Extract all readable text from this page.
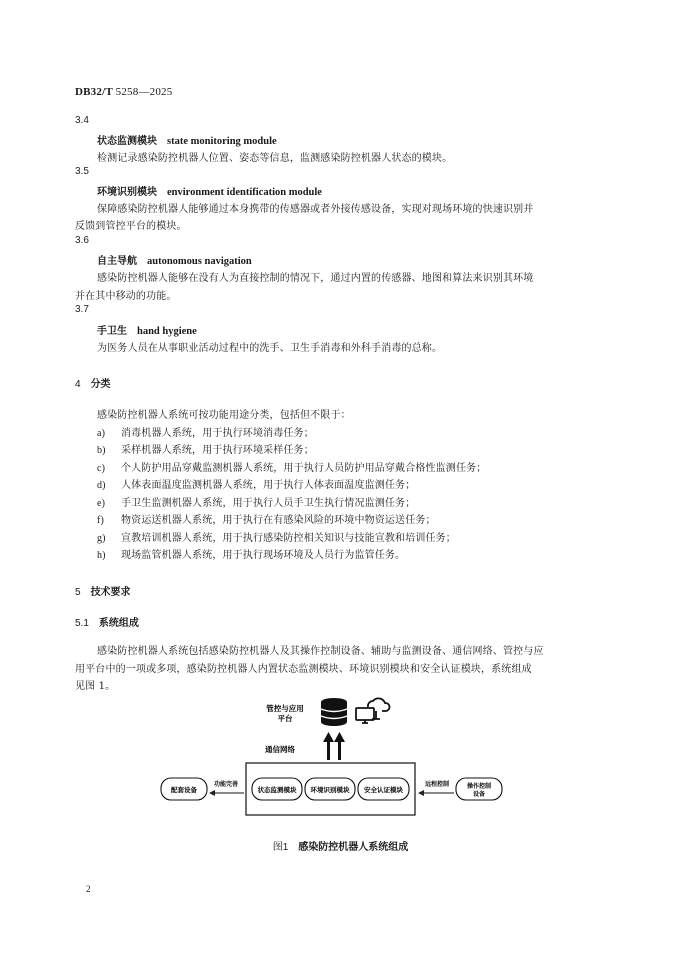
DB32/T 5258—2025
3.4
状态监测模块 state monitoring module
检测记录感染防控机器人位置、姿态等信息，监测感染防控机器人状态的模块。
3.5
环境识别模块 environment identification module
保障感染防控机器人能够通过本身携带的传感器或者外接传感设备，实现对现场环境的快速识别并
反馈到管控平台的模块。
3.6
自主导航 autonomous navigation
感染防控机器人能够在没有人为直接控制的情况下，通过内置的传感器、地图和算法来识别其环境
并在其中移动的功能。
3.7
手卫生 hand hygiene
为医务人员在从事职业活动过程中的洗手、卫生手消毒和外科手消毒的总称。
4 分类
感染防控机器人系统可按功能用途分类，包括但不限于：
a) 消毒机器人系统，用于执行环境消毒任务；
b) 采样机器人系统，用于执行环境采样任务；
c) 个人防护用品穿戴监测机器人系统，用于执行人员防护用品穿戴合格性监测任务；
d) 人体表面温度监测机器人系统，用于执行人体表面温度监测任务；
e) 手卫生监测机器人系统，用于执行人员手卫生执行情况监测任务；
f) 物资运送机器人系统，用于执行在有感染风险的环境中物资运送任务；
g) 宣教培训机器人系统，用于执行感染防控相关知识与技能宣教和培训任务；
h) 现场监管机器人系统，用于执行现场环境及人员行为监管任务。
5 技术要求
5.1 系统组成
感染防控机器人系统包括感染防控机器人及其操作控制设备、辅助与监测设备、通信网络、管控与应
用平台中的一项或多项，感染防控机器人内置状态监测模块、环境识别模块和安全认证模块，系统组成
见图 1。
管控与应用
平台
通信网络
状态监测模块 环境识别模块 安全认证模块
配套设备
功能完善	操作控制
设备
远程控制
图1 感染防控机器人系统组成
2
